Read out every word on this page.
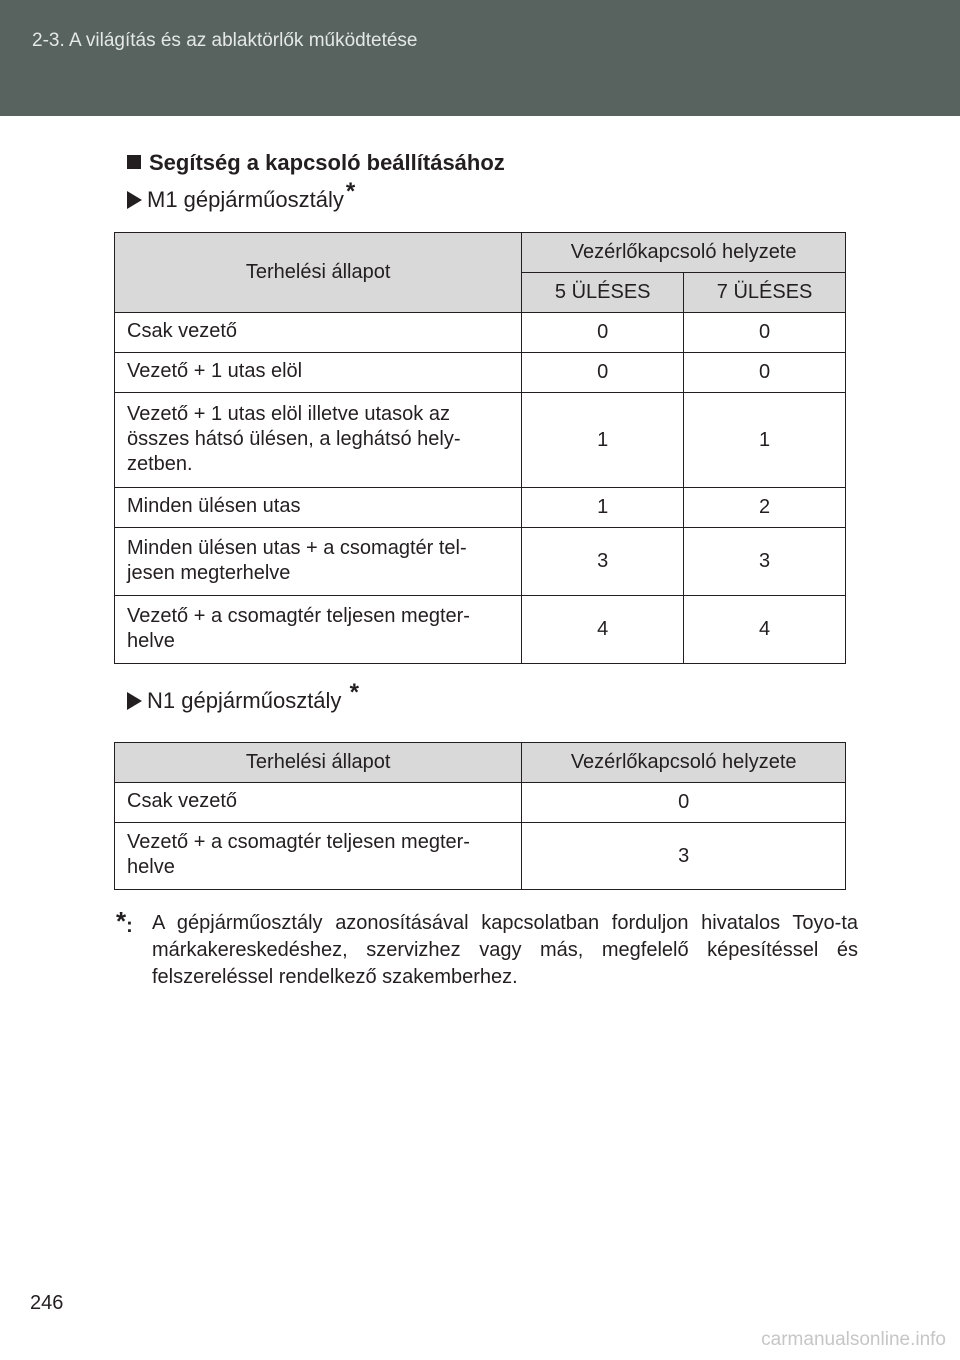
2-3. A világítás és az ablaktörlők működtetése
Segítség a kapcsoló beállításához
M1 gépjárműosztály*
Terhelési állapot	Vezérlőkapcsoló helyzete	
	5 ÜLÉSES	7 ÜLÉSES
Csak vezető	0	0
Vezető + 1 utas elöl	0	0
Vezető + 1 utas elöl illetve utasok az összes hátsó ülésen, a leghátsó hely-zetben.	1	1
Minden ülésen utas	1	2
Minden ülésen utas + a csomagtér tel-jesen megterhelve	3	3
Vezető + a csomagtér teljesen megter-helve	4	4
N1 gépjárműosztály *
Terhelési állapot	Vezérlőkapcsoló helyzete
Csak vezető	0
Vezető + a csomagtér teljesen megter-helve	3
*: A gépjárműosztály azonosításával kapcsolatban forduljon hivatalos Toyo-ta márkakereskedéshez, szervizhez vagy más, megfelelő képesítéssel és felszereléssel rendelkező szakemberhez.
246
carmanualsonline.info
